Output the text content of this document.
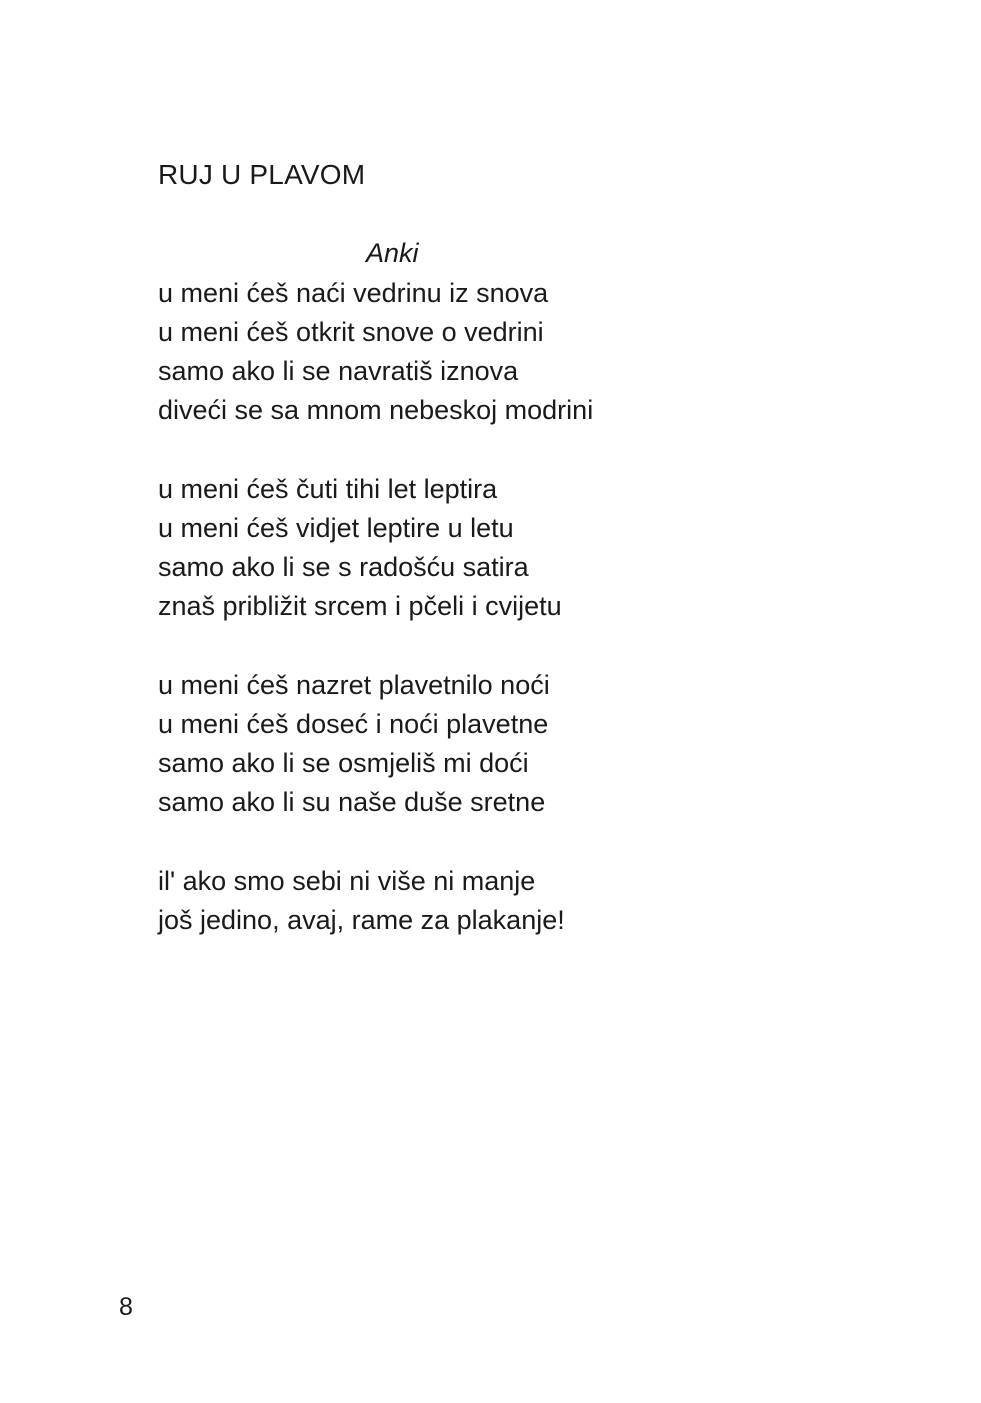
RUJ U PLAVOM
Anki
u meni ćeš naći vedrinu iz snova
u meni ćeš otkrit snove o vedrini
samo ako li se navratiš iznova
diveći se sa mnom nebeskoj modrini
u meni ćeš čuti tihi let leptira
u meni ćeš vidjet leptire u letu
samo ako li se s radošću satira
znaš približit srcem i pčeli i cvijetu
u meni ćeš nazret plavetnilo noći
u meni ćeš doseć i noći plavetne
samo ako li se osmjeliš mi doći
samo ako li su naše duše sretne
il' ako smo sebi ni više ni manje
još jedino, avaj, rame za plakanje!
8
